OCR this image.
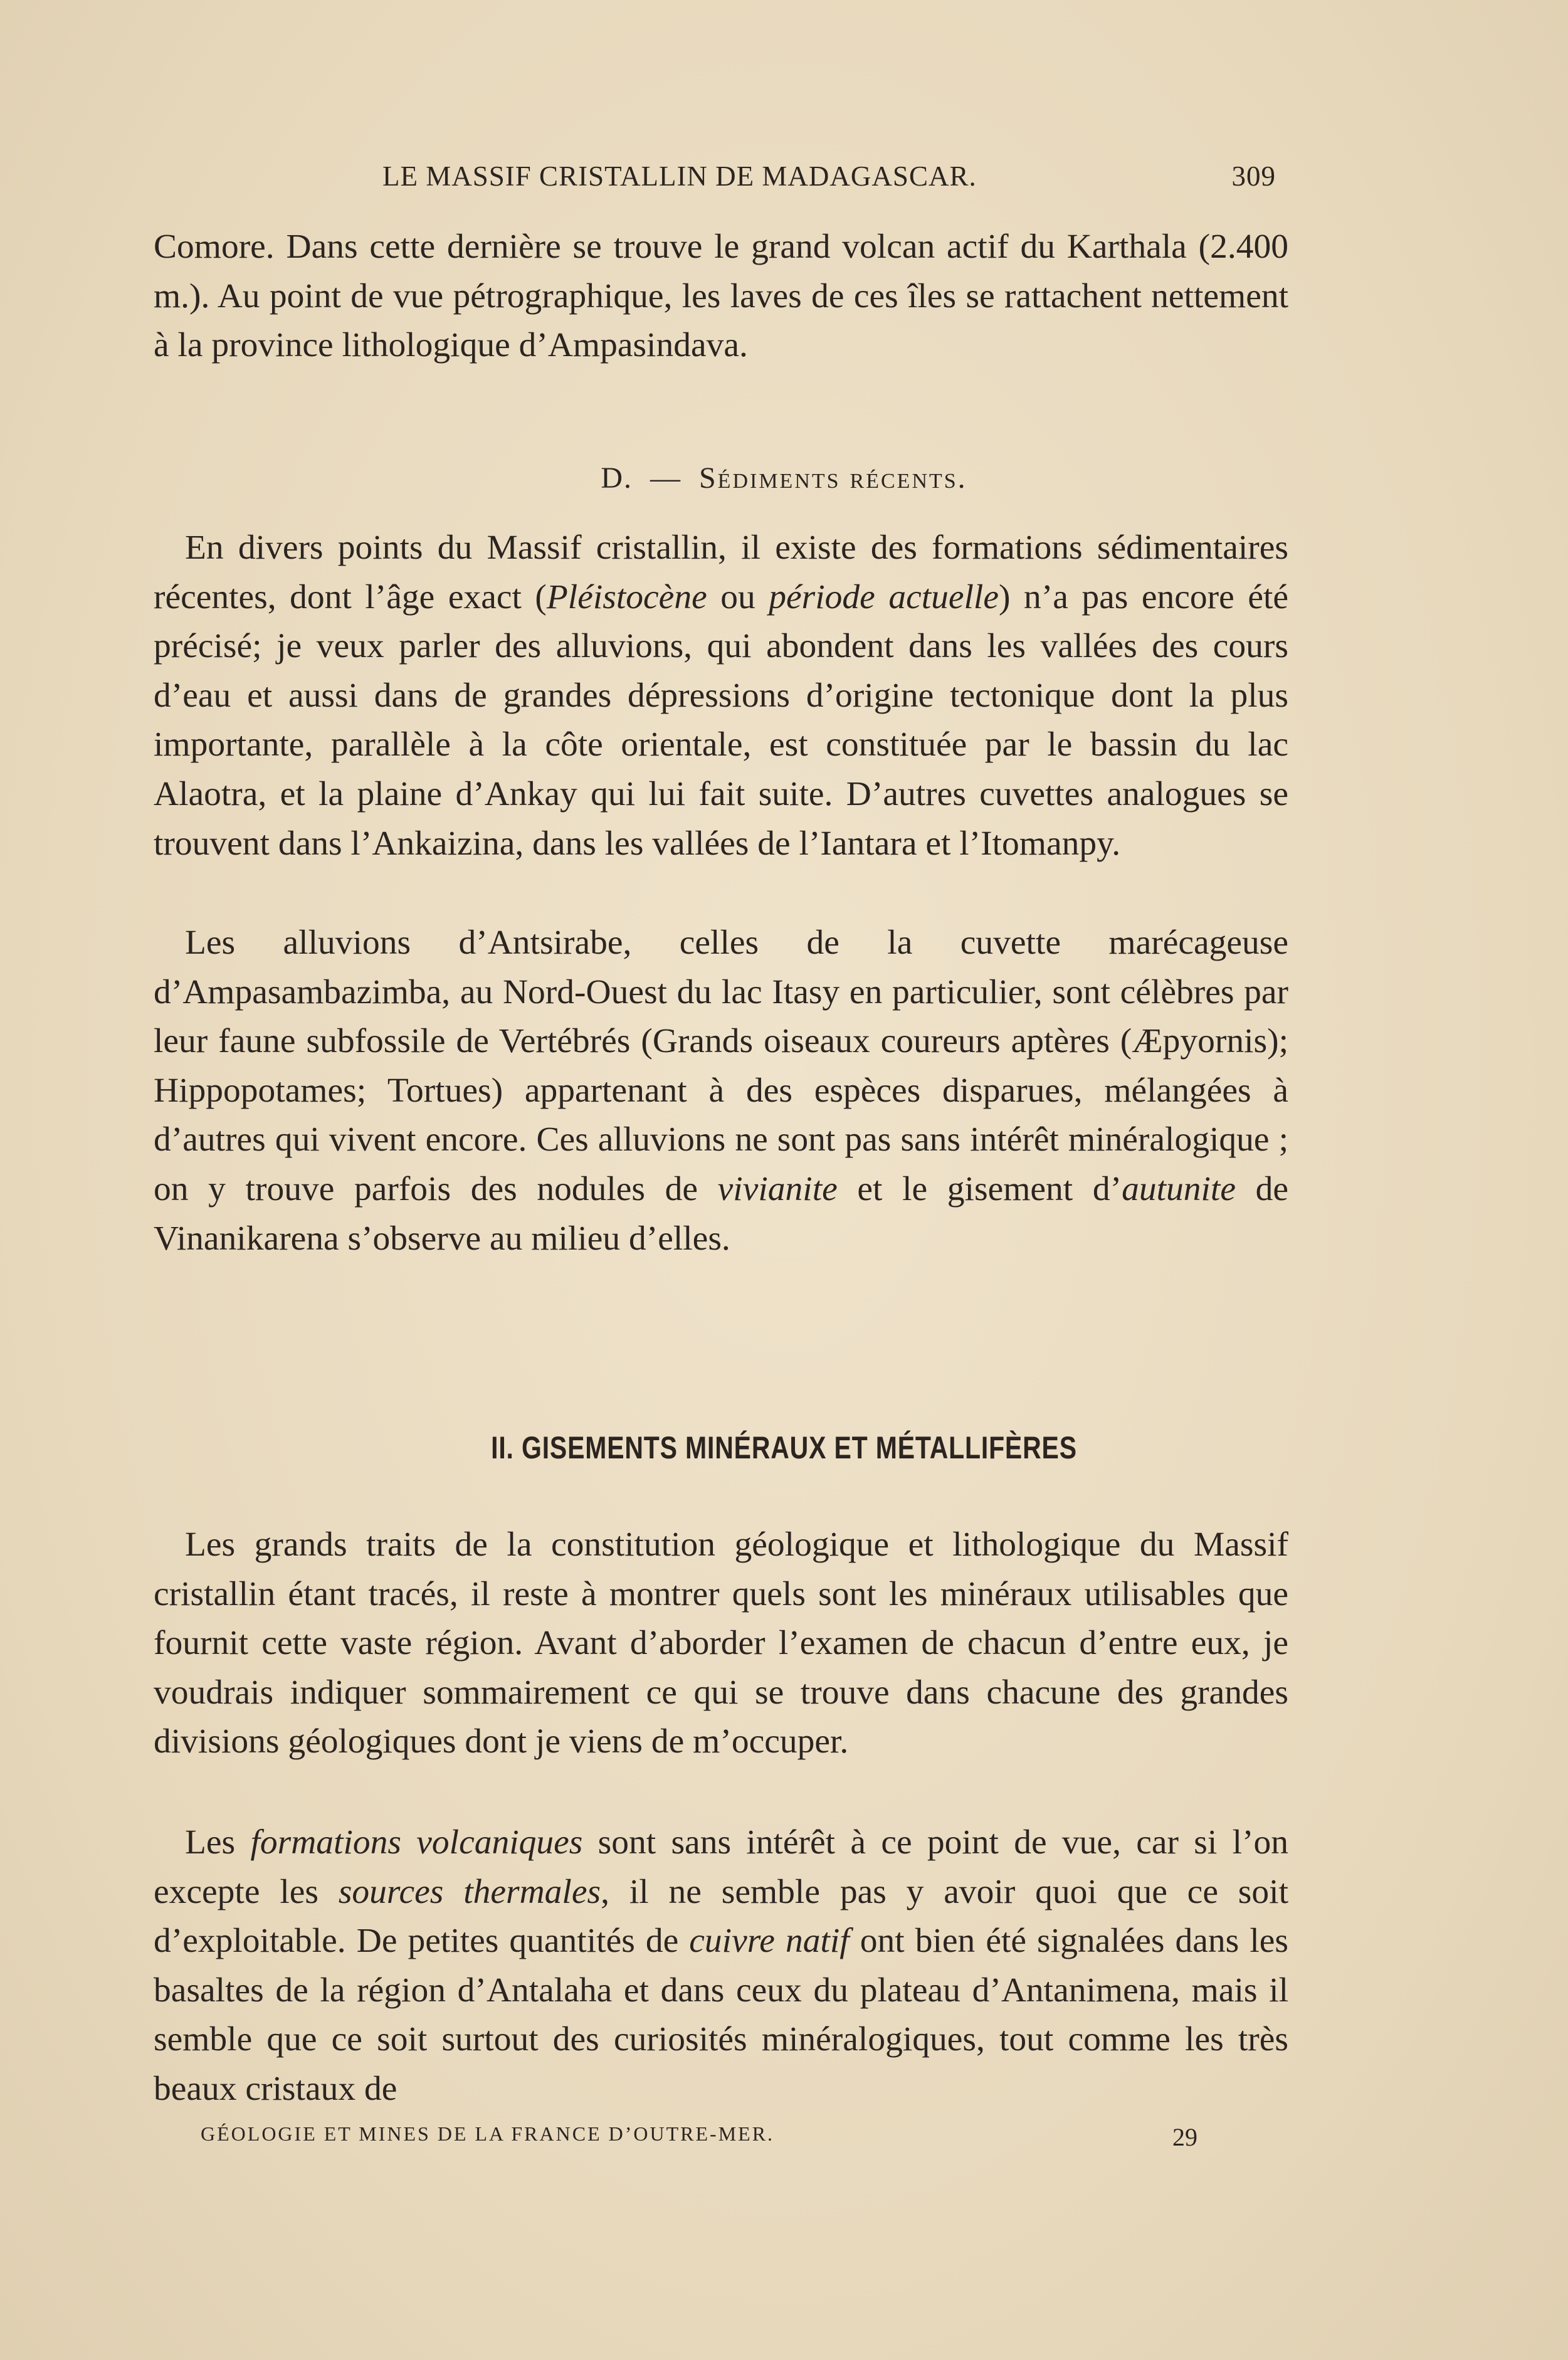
LE MASSIF CRISTALLIN DE MADAGASCAR.	309

Comore. Dans cette dernière se trouve le grand volcan actif du Karthala (2.400 m.). Au point de vue pétrographique, les laves de ces îles se rattachent nettement à la province lithologique d’Ampasindava.

D. — Sédiments récents.

En divers points du Massif cristallin, il existe des formations sédimentaires récentes, dont l’âge exact (Pléistocène ou période actuelle) n’a pas encore été précisé; je veux parler des alluvions, qui abondent dans les vallées des cours d’eau et aussi dans de grandes dépressions d’origine tectonique dont la plus importante, parallèle à la côte orientale, est constituée par le bassin du lac Alaotra, et la plaine d’Ankay qui lui fait suite. D’autres cuvettes analogues se trouvent dans l’Ankaizina, dans les vallées de l’Iantara et l’Itomanpy.

Les alluvions d’Antsirabe, celles de la cuvette marécageuse d’Ampasambazimba, au Nord-Ouest du lac Itasy en particulier, sont célèbres par leur faune subfossile de Vertébrés (Grands oiseaux coureurs aptères (Æpyornis); Hippopotames; Tortues) appartenant à des espèces disparues, mélangées à d’autres qui vivent encore. Ces alluvions ne sont pas sans intérêt minéralogique ; on y trouve parfois des nodules de vivianite et le gisement d’autunite de Vinanikarena s’observe au milieu d’elles.

II. GISEMENTS MINÉRAUX ET MÉTALLIFÈRES

Les grands traits de la constitution géologique et lithologique du Massif cristallin étant tracés, il reste à montrer quels sont les minéraux utilisables que fournit cette vaste région. Avant d’aborder l’examen de chacun d’entre eux, je voudrais indiquer sommairement ce qui se trouve dans chacune des grandes divisions géologiques dont je viens de m’occuper.

Les formations volcaniques sont sans intérêt à ce point de vue, car si l’on excepte les sources thermales, il ne semble pas y avoir quoi que ce soit d’exploitable. De petites quantités de cuivre natif ont bien été signalées dans les basaltes de la région d’Antalaha et dans ceux du plateau d’Antanimena, mais il semble que ce soit surtout des curiosités minéralogiques, tout comme les très beaux cristaux de

GÉOLOGIE ET MINES DE LA FRANCE D’OUTRE-MER.	29
